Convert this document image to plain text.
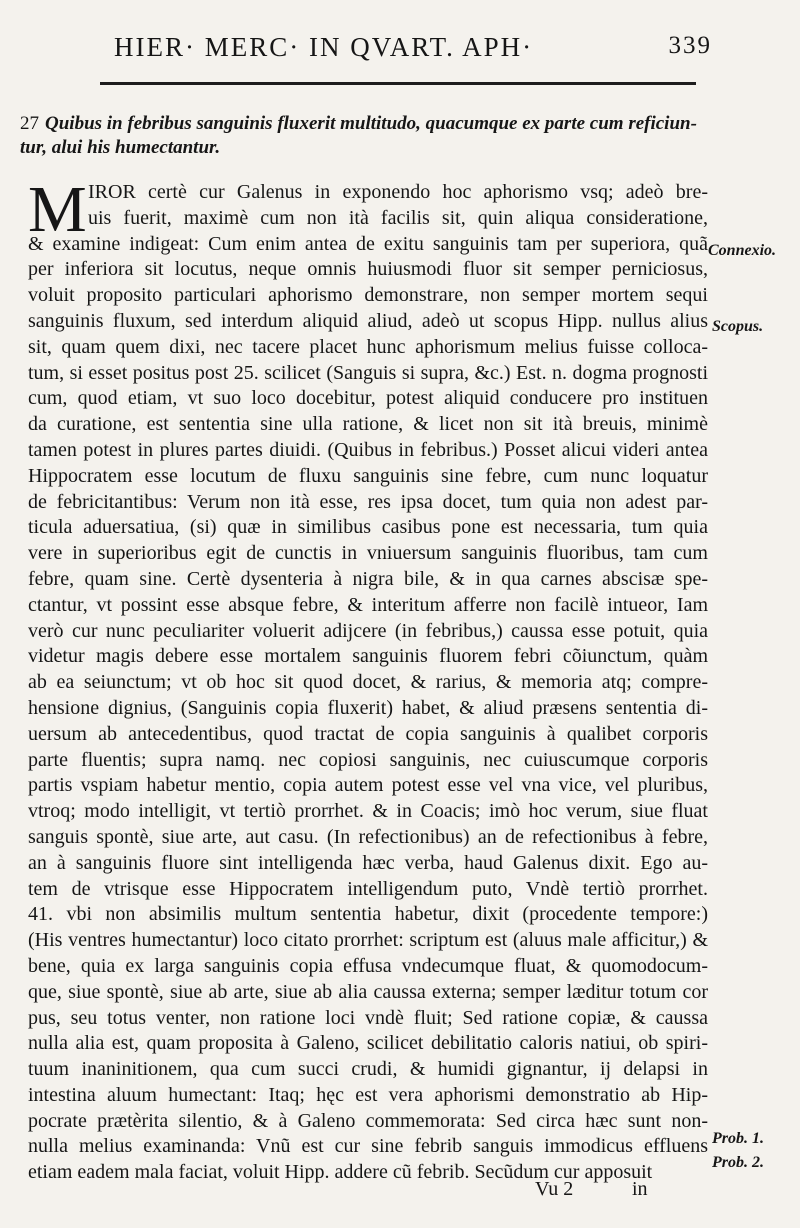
HIER· MERC· IN QVART. APH·	339
27 Quibus in febribus sanguinis fluxerit multitudo, quacumque ex parte cum reficiun- tur, alui his humectantur.
M IROR certè cur Galenus in exponendo hoc aphorismo vsq; adeò bre-
uis fuerit, maximè cum non ità facilis sit, quin aliqua consideratione,
& examine indigeat: Cum enim antea de exitu sanguinis tam per superiora, quã
per inferiora sit locutus, neque omnis huiusmodi fluor sit semper perniciosus,
voluit proposito particulari aphorismo demonstrare, non semper mortem sequi
sanguinis fluxum, sed interdum aliquid aliud, adeò ut scopus Hipp. nullus alius
sit, quam quem dixi, nec tacere placet hunc aphorismum melius fuisse colloca-
tum, si esset positus post 25. scilicet (Sanguis si supra, &c.) Est. n. dogma prognosti
cum, quod etiam, vt suo loco docebitur, potest aliquid conducere pro instituen
da curatione, est sententia sine ulla ratione, & licet non sit ità breuis, minimè
tamen potest in plures partes diuidi. (Quibus in febribus.) Posset alicui videri antea
Hippocratem esse locutum de fluxu sanguinis sine febre, cum nunc loquatur
de febricitantibus: Verum non ità esse, res ipsa docet, tum quia non adest par-
ticula aduersatiua, (si) quæ in similibus casibus pone est necessaria, tum quia
vere in superioribus egit de cunctis in vniuersum sanguinis fluoribus, tam cum
febre, quam sine. Certè dysenteria à nigra bile, & in qua carnes abscisæ spe-
ctantur, vt possint esse absque febre, & interitum afferre non facilè intueor, Iam
verò cur nunc peculiariter voluerit adijcere (in febribus,) caussa esse potuit, quia
videtur magis debere esse mortalem sanguinis fluorem febri cõiunctum, quàm
ab ea seiunctum; vt ob hoc sit quod docet, & rarius, & memoria atq; compre-
hensione dignius, (Sanguinis copia fluxerit) habet, & aliud præsens sententia di-
uersum ab antecedentibus, quod tractat de copia sanguinis à qualibet corporis
parte fluentis; supra namq. nec copiosi sanguinis, nec cuiuscumque corporis
partis vspiam habetur mentio, copia autem potest esse vel vna vice, vel pluribus,
vtroq; modo intelligit, vt tertiò prorrhet. & in Coacis; imò hoc verum, siue fluat
sanguis spontè, siue arte, aut casu. (In refectionibus) an de refectionibus à febre,
an à sanguinis fluore sint intelligenda hæc verba, haud Galenus dixit. Ego au-
tem de vtrisque esse Hippocratem intelligendum puto, Vndè tertiò prorrhet.
41. vbi non absimilis multum sententia habetur, dixit (procedente tempore:)
(His ventres humectantur) loco citato prorrhet: scriptum est (aluus male afficitur,) &
bene, quia ex larga sanguinis copia effusa vndecumque fluat, & quomodocum-
que, siue spontè, siue ab arte, siue ab alia caussa externa; semper læditur totum cor
pus, seu totus venter, non ratione loci vndè fluit; Sed ratione copiæ, & caussa
nulla alia est, quam proposita à Galeno, scilicet debilitatio caloris natiui, ob spiri-
tuum inaninitionem, qua cum succi crudi, & humidi gignantur, ij delapsi in
intestina aluum humectant: Itaq; hęc est vera aphorismi demonstratio ab Hip-
pocrate prætèrita silentio, & à Galeno commemorata: Sed circa hæc sunt non-
nulla melius examinanda: Vnũ est cur sine febrib sanguis immodicus effluens
etiam eadem mala faciat, voluit Hipp. addere cũ febrib. Secũdum cur apposuit
Connexio.
Scopus.
Prob. 1.
Prob. 2.
Vu 2	in
